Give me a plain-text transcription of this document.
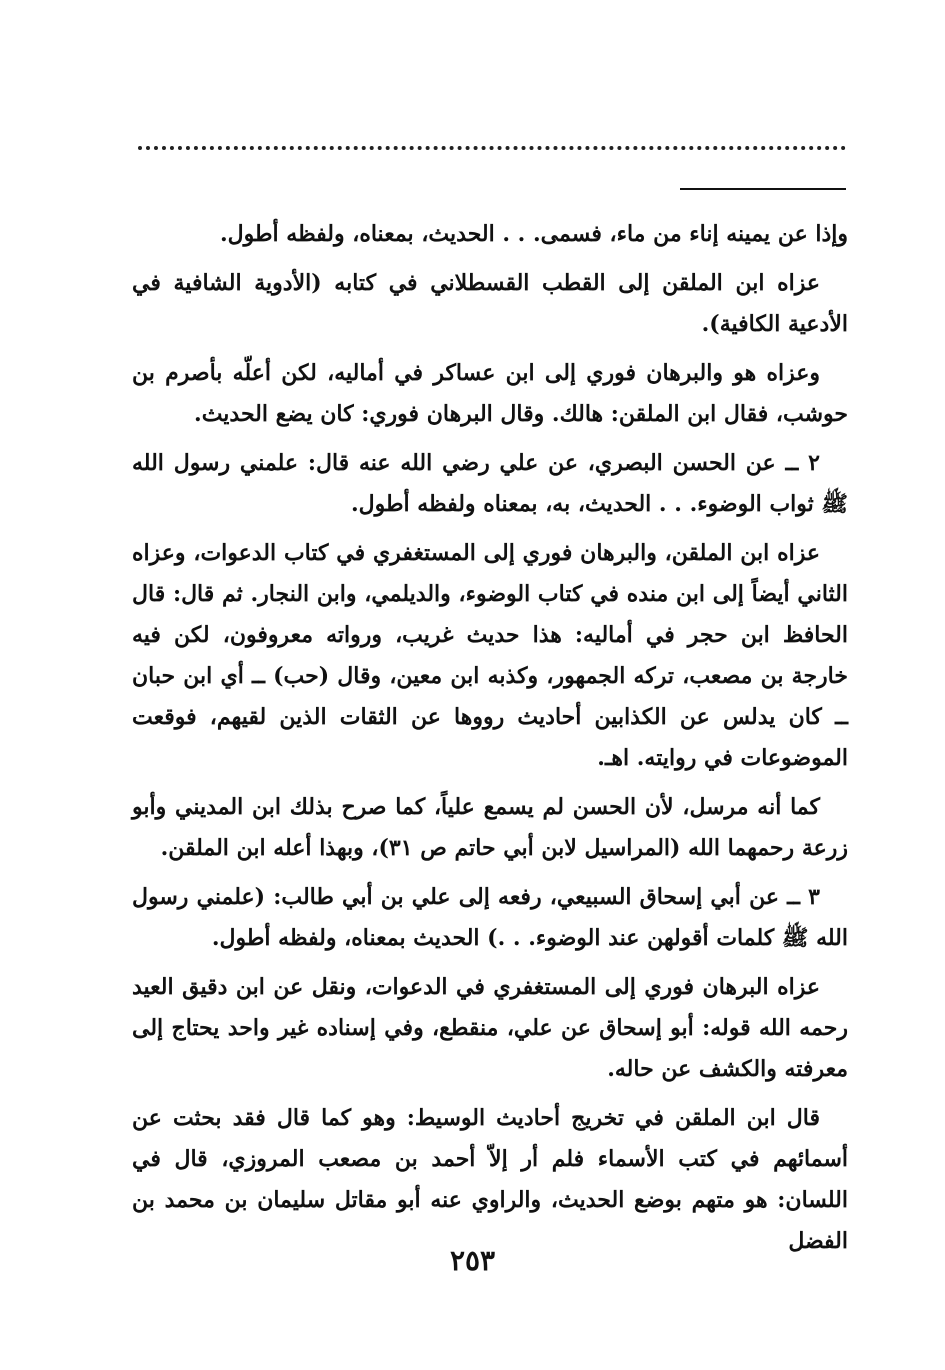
وإذا عن يمينه إناء من ماء، فسمى. . . الحديث، بمعناه، ولفظه أطول.

عزاه ابن الملقن إلى القطب القسطلاني في كتابه (الأدوية الشافية في الأدعية الكافية).

وعزاه هو والبرهان فوري إلى ابن عساكر في أماليه، لكن أعلّه بأصرم بن حوشب، فقال ابن الملقن: هالك. وقال البرهان فوري: كان يضع الحديث.

٢ ــ عن الحسن البصري، عن علي رضي الله عنه قال: علمني رسول الله ﷺ ثواب الوضوء. . . الحديث، به، بمعناه ولفظه أطول.

عزاه ابن الملقن، والبرهان فوري إلى المستغفري في كتاب الدعوات، وعزاه الثاني أيضاً إلى ابن منده في كتاب الوضوء، والديلمي، وابن النجار. ثم قال: قال الحافظ ابن حجر في أماليه: هذا حديث غريب، ورواته معروفون، لكن فيه خارجة بن مصعب، تركه الجمهور، وكذبه ابن معين، وقال (حب) ــ أي ابن حبان ــ كان يدلس عن الكذابين أحاديث رووها عن الثقات الذين لقيهم، فوقعت الموضوعات في روايته. اهـ.

كما أنه مرسل، لأن الحسن لم يسمع علياً، كما صرح بذلك ابن المديني وأبو زرعة رحمهما الله (المراسيل لابن أبي حاتم ص ٣١)، وبهذا أعله ابن الملقن.

٣ ــ عن أبي إسحاق السبيعي، رفعه إلى علي بن أبي طالب: (علمني رسول الله ﷺ كلمات أقولهن عند الوضوء. . .) الحديث بمعناه، ولفظه أطول.

عزاه البرهان فوري إلى المستغفري في الدعوات، ونقل عن ابن دقيق العيد رحمه الله قوله: أبو إسحاق عن علي، منقطع، وفي إسناده غير واحد يحتاج إلى معرفته والكشف عن حاله.

قال ابن الملقن في تخريج أحاديث الوسيط: وهو كما قال فقد بحثت عن أسمائهم في كتب الأسماء فلم أر إلاّ أحمد بن مصعب المروزي، قال في اللسان: هو متهم بوضع الحديث، والراوي عنه أبو مقاتل سليمان بن محمد بن الفضل

٢٥٣
